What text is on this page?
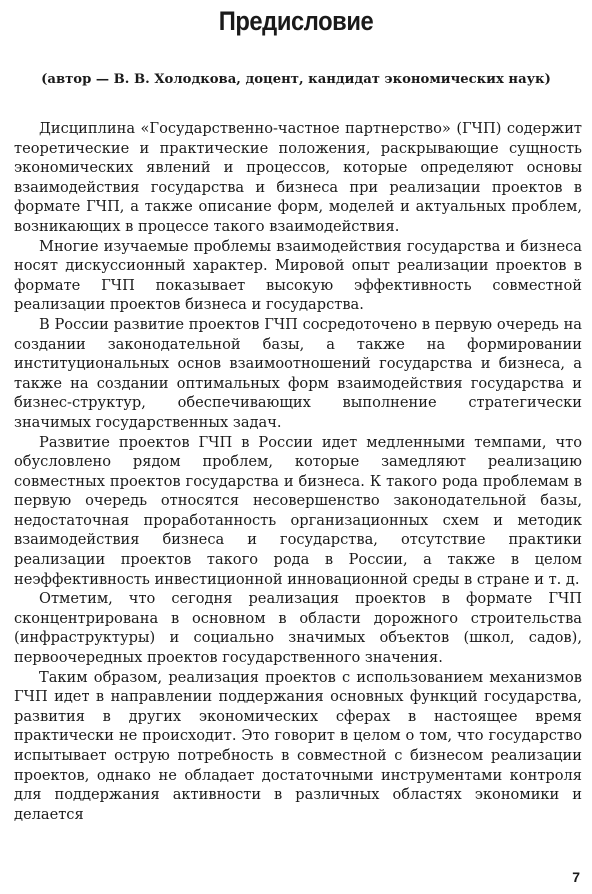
Предисловие
(автор — В. В. Холодкова, доцент, кандидат экономических наук)

Дисциплина «Государственно-частное партнерство» (ГЧП) содержит теоретические и практические положения, раскрывающие сущность экономических явлений и процессов, которые определяют основы взаимодействия государства и бизнеса при реализации проектов в формате ГЧП, а также описание форм, моделей и актуальных проблем, возникающих в процессе такого взаимодействия.

Многие изучаемые проблемы взаимодействия государства и бизнеса носят дискуссионный характер. Мировой опыт реализации проектов в формате ГЧП показывает высокую эффективность совместной реализации проектов бизнеса и государства.

В России развитие проектов ГЧП сосредоточено в первую очередь на создании законодательной базы, а также на формировании институциональных основ взаимоотношений государства и бизнеса, а также на создании оптимальных форм взаимодействия государства и бизнес-структур, обеспечивающих выполнение стратегически значимых государственных задач.

Развитие проектов ГЧП в России идет медленными темпами, что обусловлено рядом проблем, которые замедляют реализацию совместных проектов государства и бизнеса. К такого рода проблемам в первую очередь относятся несовершенство законодательной базы, недостаточная проработанность организационных схем и методик взаимодействия бизнеса и государства, отсутствие практики реализации проектов такого рода в России, а также в целом неэффективность инвестиционной инновационной среды в стране и т. д.

Отметим, что сегодня реализация проектов в формате ГЧП сконцентрирована в основном в области дорожного строительства (инфраструктуры) и социально значимых объектов (школ, садов), первоочередных проектов государственного значения.

Таким образом, реализация проектов с использованием механизмов ГЧП идет в направлении поддержания основных функций государства, развития в других экономических сферах в настоящее время практически не происходит. Это говорит в целом о том, что государство испытывает острую потребность в совместной с бизнесом реализации проектов, однако не обладает достаточными инструментами контроля для поддержания активности в различных областях экономики и делается

7
